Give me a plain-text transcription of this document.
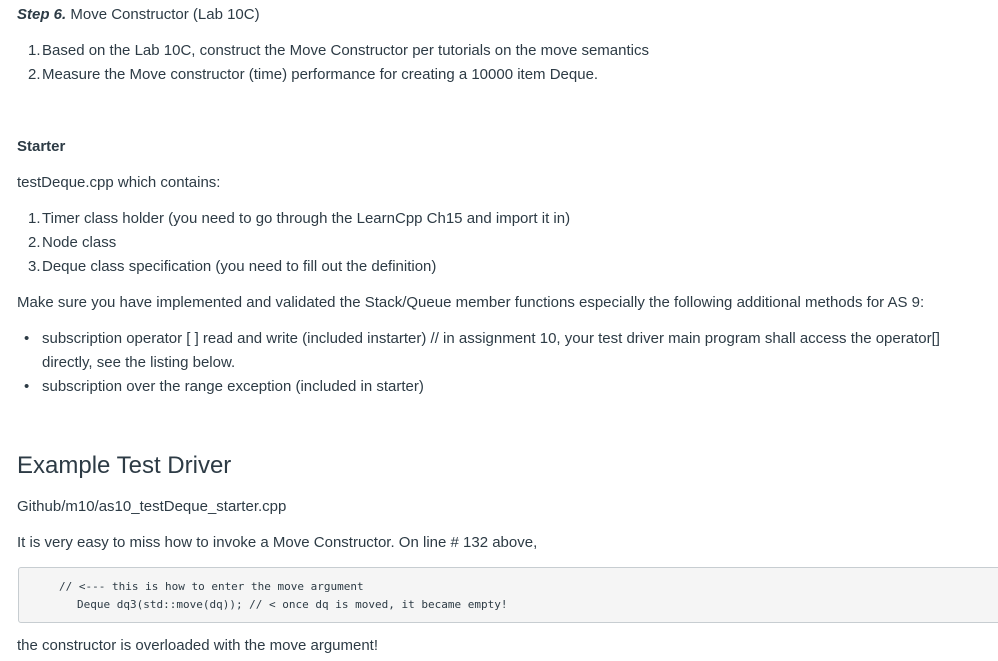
Step 6. Move Constructor (Lab 10C)
1. Based on the Lab 10C, construct the Move Constructor per tutorials on the move semantics
2. Measure the Move constructor (time) performance for creating a 10000 item Deque.
Starter
testDeque.cpp which contains:
1. Timer class holder (you need to go through the LearnCpp Ch15 and import it in)
2. Node class
3. Deque class specification (you need to fill out the definition)
Make sure you have implemented and validated the Stack/Queue member functions especially the following additional methods for AS 9:
• subscription operator [ ] read and write (included instarter) // in assignment 10, your test driver main program shall access the operator[]
directly, see the listing below.
• subscription over the range exception (included in starter)
Example Test Driver
Github/m10/as10_testDeque_starter.cpp
It is very easy to miss how to invoke a Move Constructor. On line # 132 above,
// <--- this is how to enter the move argument
Deque dq3(std::move(dq)); // < once dq is moved, it became empty!
the constructor is overloaded with the move argument!
